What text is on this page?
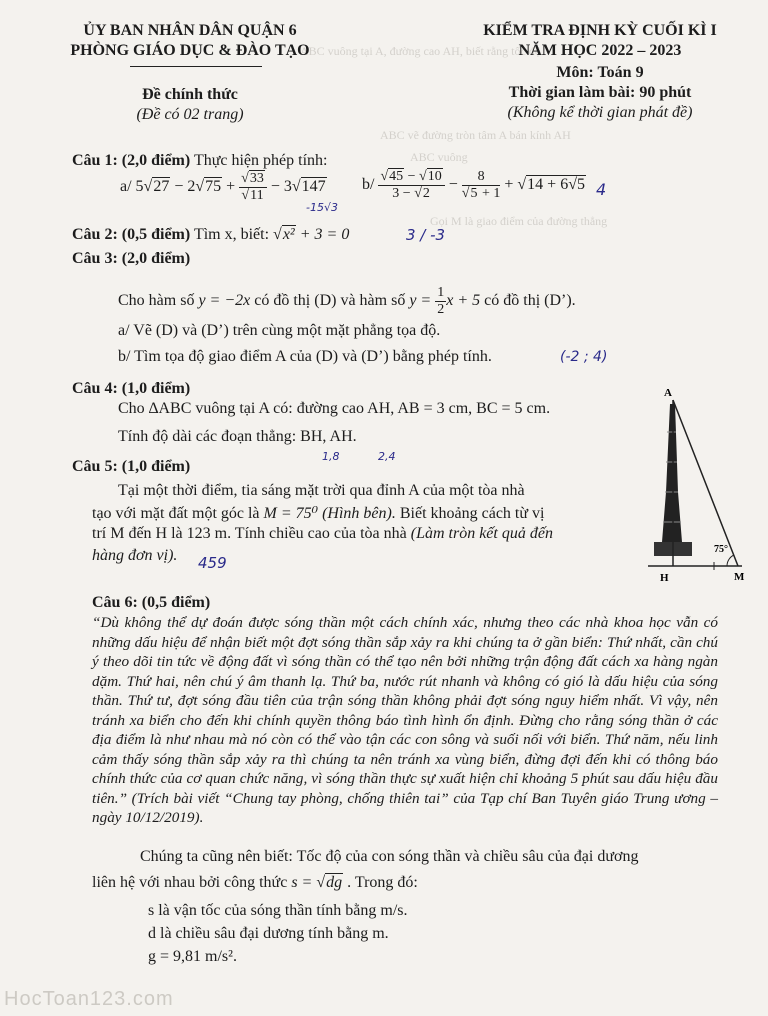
ABC vuông tại A, đường cao AH, biết rằng tốc độ
ABC vẽ đường tròn tâm A bán kính AH
ABC vuông
Gọi M là giao điểm của đường thẳng
ỦY BAN NHÂN DÂN QUẬN 6
PHÒNG GIÁO DỤC & ĐÀO TẠO
Đề chính thức
(Đề có 02 trang)
KIỂM TRA ĐỊNH KỲ CUỐI KÌ I
NĂM HỌC 2022 – 2023
Môn: Toán 9
Thời gian làm bài: 90 phút
(Không kể thời gian phát đề)
Câu 1: (2,0 điểm) Thực hiện phép tính:
a/ $5√27 - 2√75 + \frac{√33}{√11} - 3√147$
-15√3
$b/ \frac{√45 - √10}{3 - √2} - \frac{8}{√5 + 1} + √14 + 6√5$ 4
Câu 2: (0,5 điểm) Tìm x, biết: √x² + 3 = 0	3 / -3
Câu 3: (2,0 điểm)
Cho hàm số y = −2x có đồ thị (D) và hàm số $y = \frac{1}{2}$ x + 5 có đồ thị (D’).
a/ Vẽ (D) và (D’) trên cùng một mặt phẳng tọa độ.
b/ Tìm tọa độ giao điểm A của (D) và (D’) bằng phép tính.	(-2 ; 4)
Câu 4: (1,0 điểm)
Cho ∆ABC vuông tại A có: đường cao AH, AB = 3 cm, BC = 5 cm.
Tính độ dài các đoạn thẳng: BH, AH.
1,8	2,4
Câu 5: (1,0 điểm)
Tại một thời điểm, tia sáng mặt trời qua đỉnh A của một tòa nhà
tạo với mặt đất một góc là M = 75⁰ (Hình bên). Biết khoảng cách từ vị
trí M đến H là 123 m. Tính chiều cao của tòa nhà (Làm tròn kết quả đến
hàng đơn vị). 459
75°
A
H	M
Câu 6: (0,5 điểm)
“Dù không thể dự đoán được sóng thần một cách chính xác, nhưng theo các nhà khoa học vẫn có những dấu hiệu để nhận biết một đợt sóng thần sắp xảy ra khi chúng ta ở gần biển: Thứ nhất, cần chú ý theo dõi tin tức về động đất vì sóng thần có thể tạo nên bởi những trận động đất cách xa hàng ngàn dặm. Thứ hai, nên chú ý âm thanh lạ. Thứ ba, nước rút nhanh và không có gió là dấu hiệu của sóng thần. Thứ tư, đợt sóng đầu tiên của trận sóng thần không phải đợt sóng nguy hiểm nhất. Vì vậy, nên tránh xa biển cho đến khi chính quyền thông báo tình hình ổn định. Đừng cho rằng sóng thần ở các địa điểm là như nhau mà nó còn có thể vào tận các con sông và suối nối với biển. Thứ năm, nếu linh cảm thấy sóng thần sắp xảy ra thì chúng ta nên tránh xa vùng biển, đừng đợi đến khi có thông báo chính thức của cơ quan chức năng, vì sóng thần thực sự xuất hiện chỉ khoảng 5 phút sau dấu hiệu đầu tiên.” (Trích bài viết “Chung tay phòng, chống thiên tai” của Tạp chí Ban Tuyên giáo Trung ương – ngày 10/12/2019).
Chúng ta cũng nên biết: Tốc độ của con sóng thần và chiều sâu của đại dương
liên hệ với nhau bởi công thức s = √dg . Trong đó:
s là vận tốc của sóng thần tính bằng m/s.
d là chiều sâu đại dương tính bằng m.
g = 9,81 m/s².
HocToan123.com
